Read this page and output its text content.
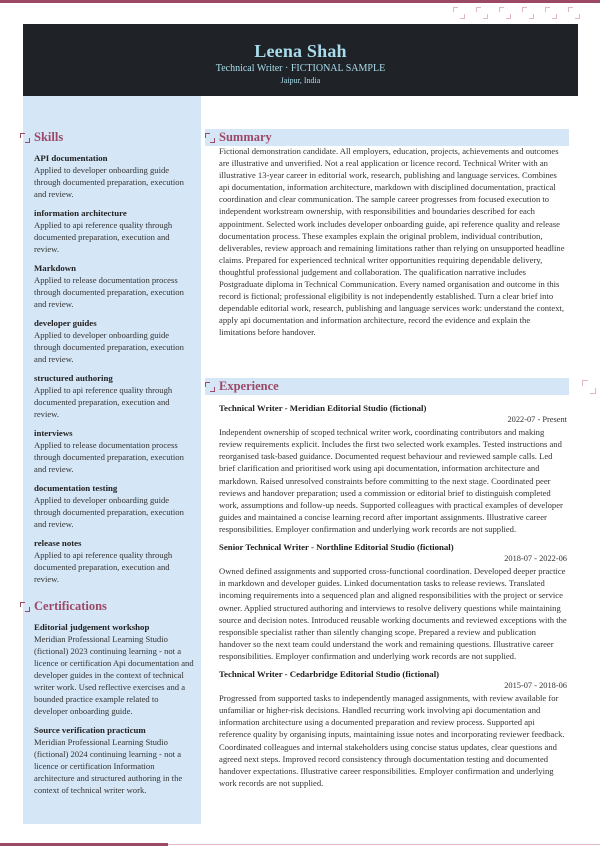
Leena Shah
Technical Writer · FICTIONAL SAMPLE
Jaipur, India
Skills
API documentation
Applied to developer onboarding guide through documented preparation, execution and review.
information architecture
Applied to api reference quality through documented preparation, execution and review.
Markdown
Applied to release documentation process through documented preparation, execution and review.
developer guides
Applied to developer onboarding guide through documented preparation, execution and review.
structured authoring
Applied to api reference quality through documented preparation, execution and review.
interviews
Applied to release documentation process through documented preparation, execution and review.
documentation testing
Applied to developer onboarding guide through documented preparation, execution and review.
release notes
Applied to api reference quality through documented preparation, execution and review.
Certifications
Editorial judgement workshop
Meridian Professional Learning Studio (fictional) 2023 continuing learning - not a licence or certification Api documentation and developer guides in the context of technical writer work. Used reflective exercises and a bounded practice example related to developer onboarding guide.
Source verification practicum
Meridian Professional Learning Studio (fictional) 2024 continuing learning - not a licence or certification Information architecture and structured authoring in the context of technical writer work.
Summary
Fictional demonstration candidate. All employers, education, projects, achievements and outcomes are illustrative and unverified. Not a real application or licence record. Technical Writer with an illustrative 13-year career in editorial work, research, publishing and language services. Combines api documentation, information architecture, markdown with disciplined documentation, practical coordination and clear communication. The sample career progresses from focused execution to independent workstream ownership, with responsibilities and boundaries described for each appointment. Selected work includes developer onboarding guide, api reference quality and release documentation process. These examples explain the original problem, individual contribution, deliverables, review approach and remaining limitations rather than relying on unsupported headline claims. Prepared for experienced technical writer opportunities requiring dependable delivery, thoughtful professional judgement and collaboration. The qualification narrative includes Postgraduate diploma in Technical Communication. Every named organisation and outcome in this record is fictional; professional eligibility is not independently established. Turn a clear brief into dependable editorial work, research, publishing and language services work: understand the context, apply api documentation and information architecture, record the evidence and explain the limitations before handover.
Experience
Technical Writer - Meridian Editorial Studio (fictional)
2022-07 - Present
Independent ownership of scoped technical writer work, coordinating contributors and making review requirements explicit. Includes the first two selected work examples. Tested instructions and reorganised task-based guidance. Documented request behaviour and reviewed sample calls. Led brief clarification and prioritised work using api documentation, information architecture and markdown. Raised unresolved constraints before committing to the next stage. Coordinated peer reviews and handover preparation; used a commission or editorial brief to distinguish completed work, assumptions and follow-up needs. Supported colleagues with practical examples of developer guides and maintained a concise learning record after important assignments. Illustrative career responsibilities. Employer confirmation and underlying work records are not supplied.
Senior Technical Writer - Northline Editorial Studio (fictional)
2018-07 - 2022-06
Owned defined assignments and supported cross-functional coordination. Developed deeper practice in markdown and developer guides. Linked documentation tasks to release reviews. Translated incoming requirements into a sequenced plan and aligned responsibilities with the project or service owner. Applied structured authoring and interviews to resolve delivery questions while maintaining source and decision notes. Introduced reusable working documents and reviewed exceptions with the responsible specialist rather than silently changing scope. Prepared a review and publication handover so the next team could understand the work and remaining questions. Illustrative career responsibilities. Employer confirmation and underlying work records are not supplied.
Technical Writer - Cedarbridge Editorial Studio (fictional)
2015-07 - 2018-06
Progressed from supported tasks to independently managed assignments, with review available for unfamiliar or higher-risk decisions. Handled recurring work involving api documentation and information architecture using a documented preparation and review process. Supported api reference quality by organising inputs, maintaining issue notes and incorporating reviewer feedback. Coordinated colleagues and internal stakeholders using concise status updates, clear questions and agreed next steps. Improved record consistency through documentation testing and documented handover expectations. Illustrative career responsibilities. Employer confirmation and underlying work records are not supplied.
